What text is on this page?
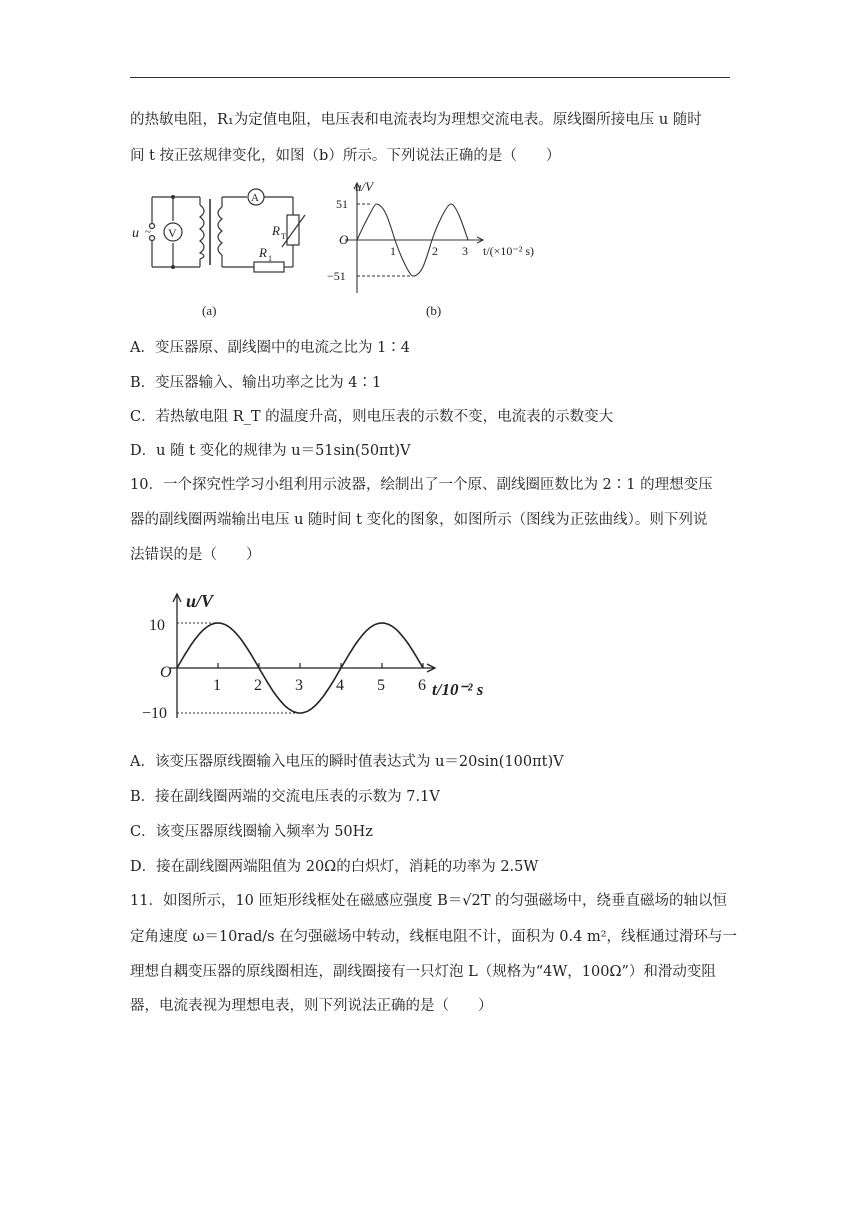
的热敏电阻，R₁为定值电阻，电压表和电流表均为理想交流电表。原线圈所接电压 u 随时
间 t 按正弦规律变化，如图（b）所示。下列说法正确的是（　　）
u ~ V
A
R T
R 1
(a)
u/V
O
51
−51
1	2 3 t/(×10⁻² s)
(b)
A．变压器原、副线圈中的电流之比为 1∶4
B．变压器输入、输出功率之比为 4∶1
C．若热敏电阻 R_T 的温度升高，则电压表的示数不变，电流表的示数变大
D．u 随 t 变化的规律为 u＝51sin(50πt)V
10．一个探究性学习小组利用示波器，绘制出了一个原、副线圈匝数比为 2∶1 的理想变压
器的副线圈两端输出电压 u 随时间 t 变化的图象，如图所示（图线为正弦曲线）。则下列说
法错误的是（　　）
u/V
O
10
−10
t/10⁻² s
1 2 3 4 5 6
A．该变压器原线圈输入电压的瞬时值表达式为 u＝20sin(100πt)V
B．接在副线圈两端的交流电压表的示数为 7.1V
C．该变压器原线圈输入频率为 50Hz
D．接在副线圈两端阻值为 20Ω的白炽灯，消耗的功率为 2.5W
11．如图所示，10 匝矩形线框处在磁感应强度 B＝√2T 的匀强磁场中，绕垂直磁场的轴以恒
定角速度 ω＝10rad/s 在匀强磁场中转动，线框电阻不计，面积为 0.4 m²，线框通过滑环与一
理想自耦变压器的原线圈相连，副线圈接有一只灯泡 L（规格为“4W，100Ω”）和滑动变阻
器，电流表视为理想电表，则下列说法正确的是（　　）
